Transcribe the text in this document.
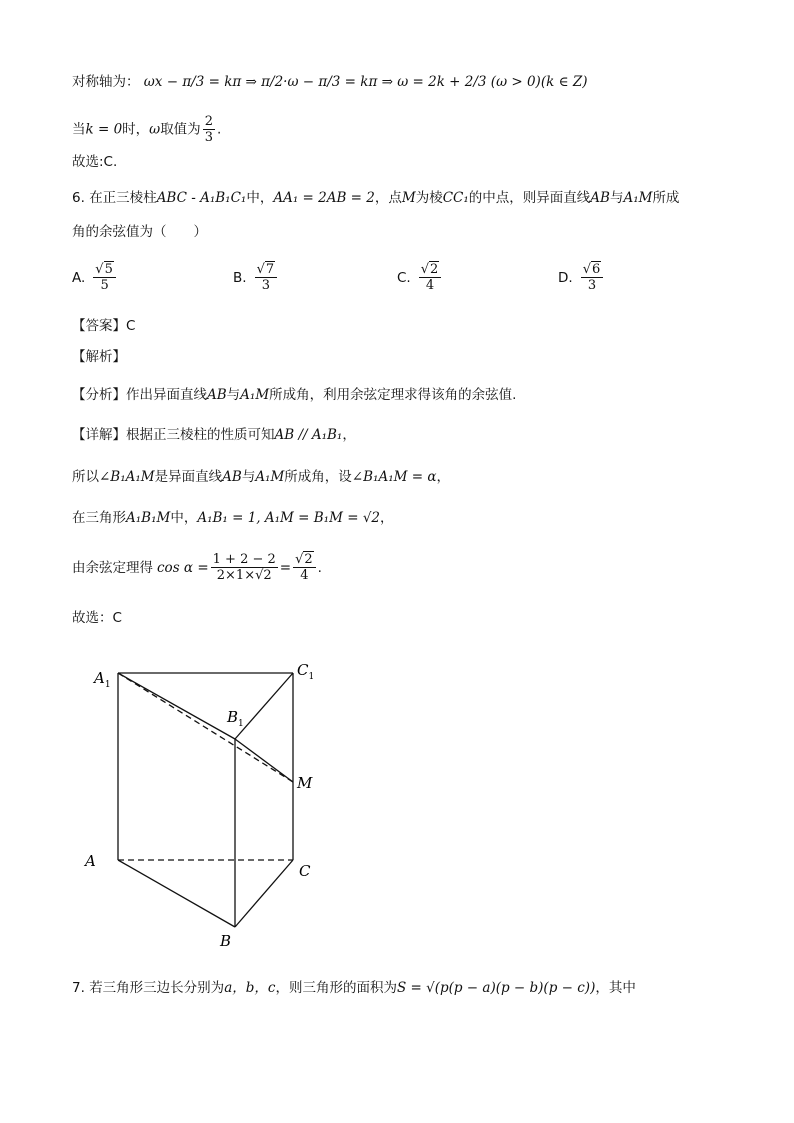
对称轴为： ωx − π/3 = kπ ⇒ π/2·ω − π/3 = kπ ⇒ ω = 2k + 2/3 (ω > 0)(k ∈ Z)
当k = 0时，ω取值为 $\frac{2}{3}$ .
故选:C.
6. 在正三棱柱ABC - A₁B₁C₁中，AA₁ = 2AB = 2，点M为棱CC₁的中点，则异面直线AB与A₁M所成
角的余弦值为（　　）
A. $\frac{√5}{5}$	B. $\frac{√7}{3}$	C. $\frac{√2}{4}$	D. $\frac{√6}{3}$
【答案】C
【解析】
【分析】作出异面直线AB与A₁M所成角，利用余弦定理求得该角的余弦值.
【详解】根据正三棱柱的性质可知AB // A₁B₁，
所以∠B₁A₁M是异面直线AB与A₁M所成角，设∠B₁A₁M = α，
在三角形A₁B₁M中，A₁B₁ = 1, A₁M = B₁M = √2，
由余弦定理得 $\cos \alpha = \frac{1 + 2 - 2}{2\times 1\times√2} = \frac{√2}{4}$ .
故选：C
$A_1$
$C_1$
$B_1$
M
A
C
B
7. 若三角形三边长分别为a，b，c，则三角形的面积为S = √(p(p − a)(p − b)(p − c))，其中
